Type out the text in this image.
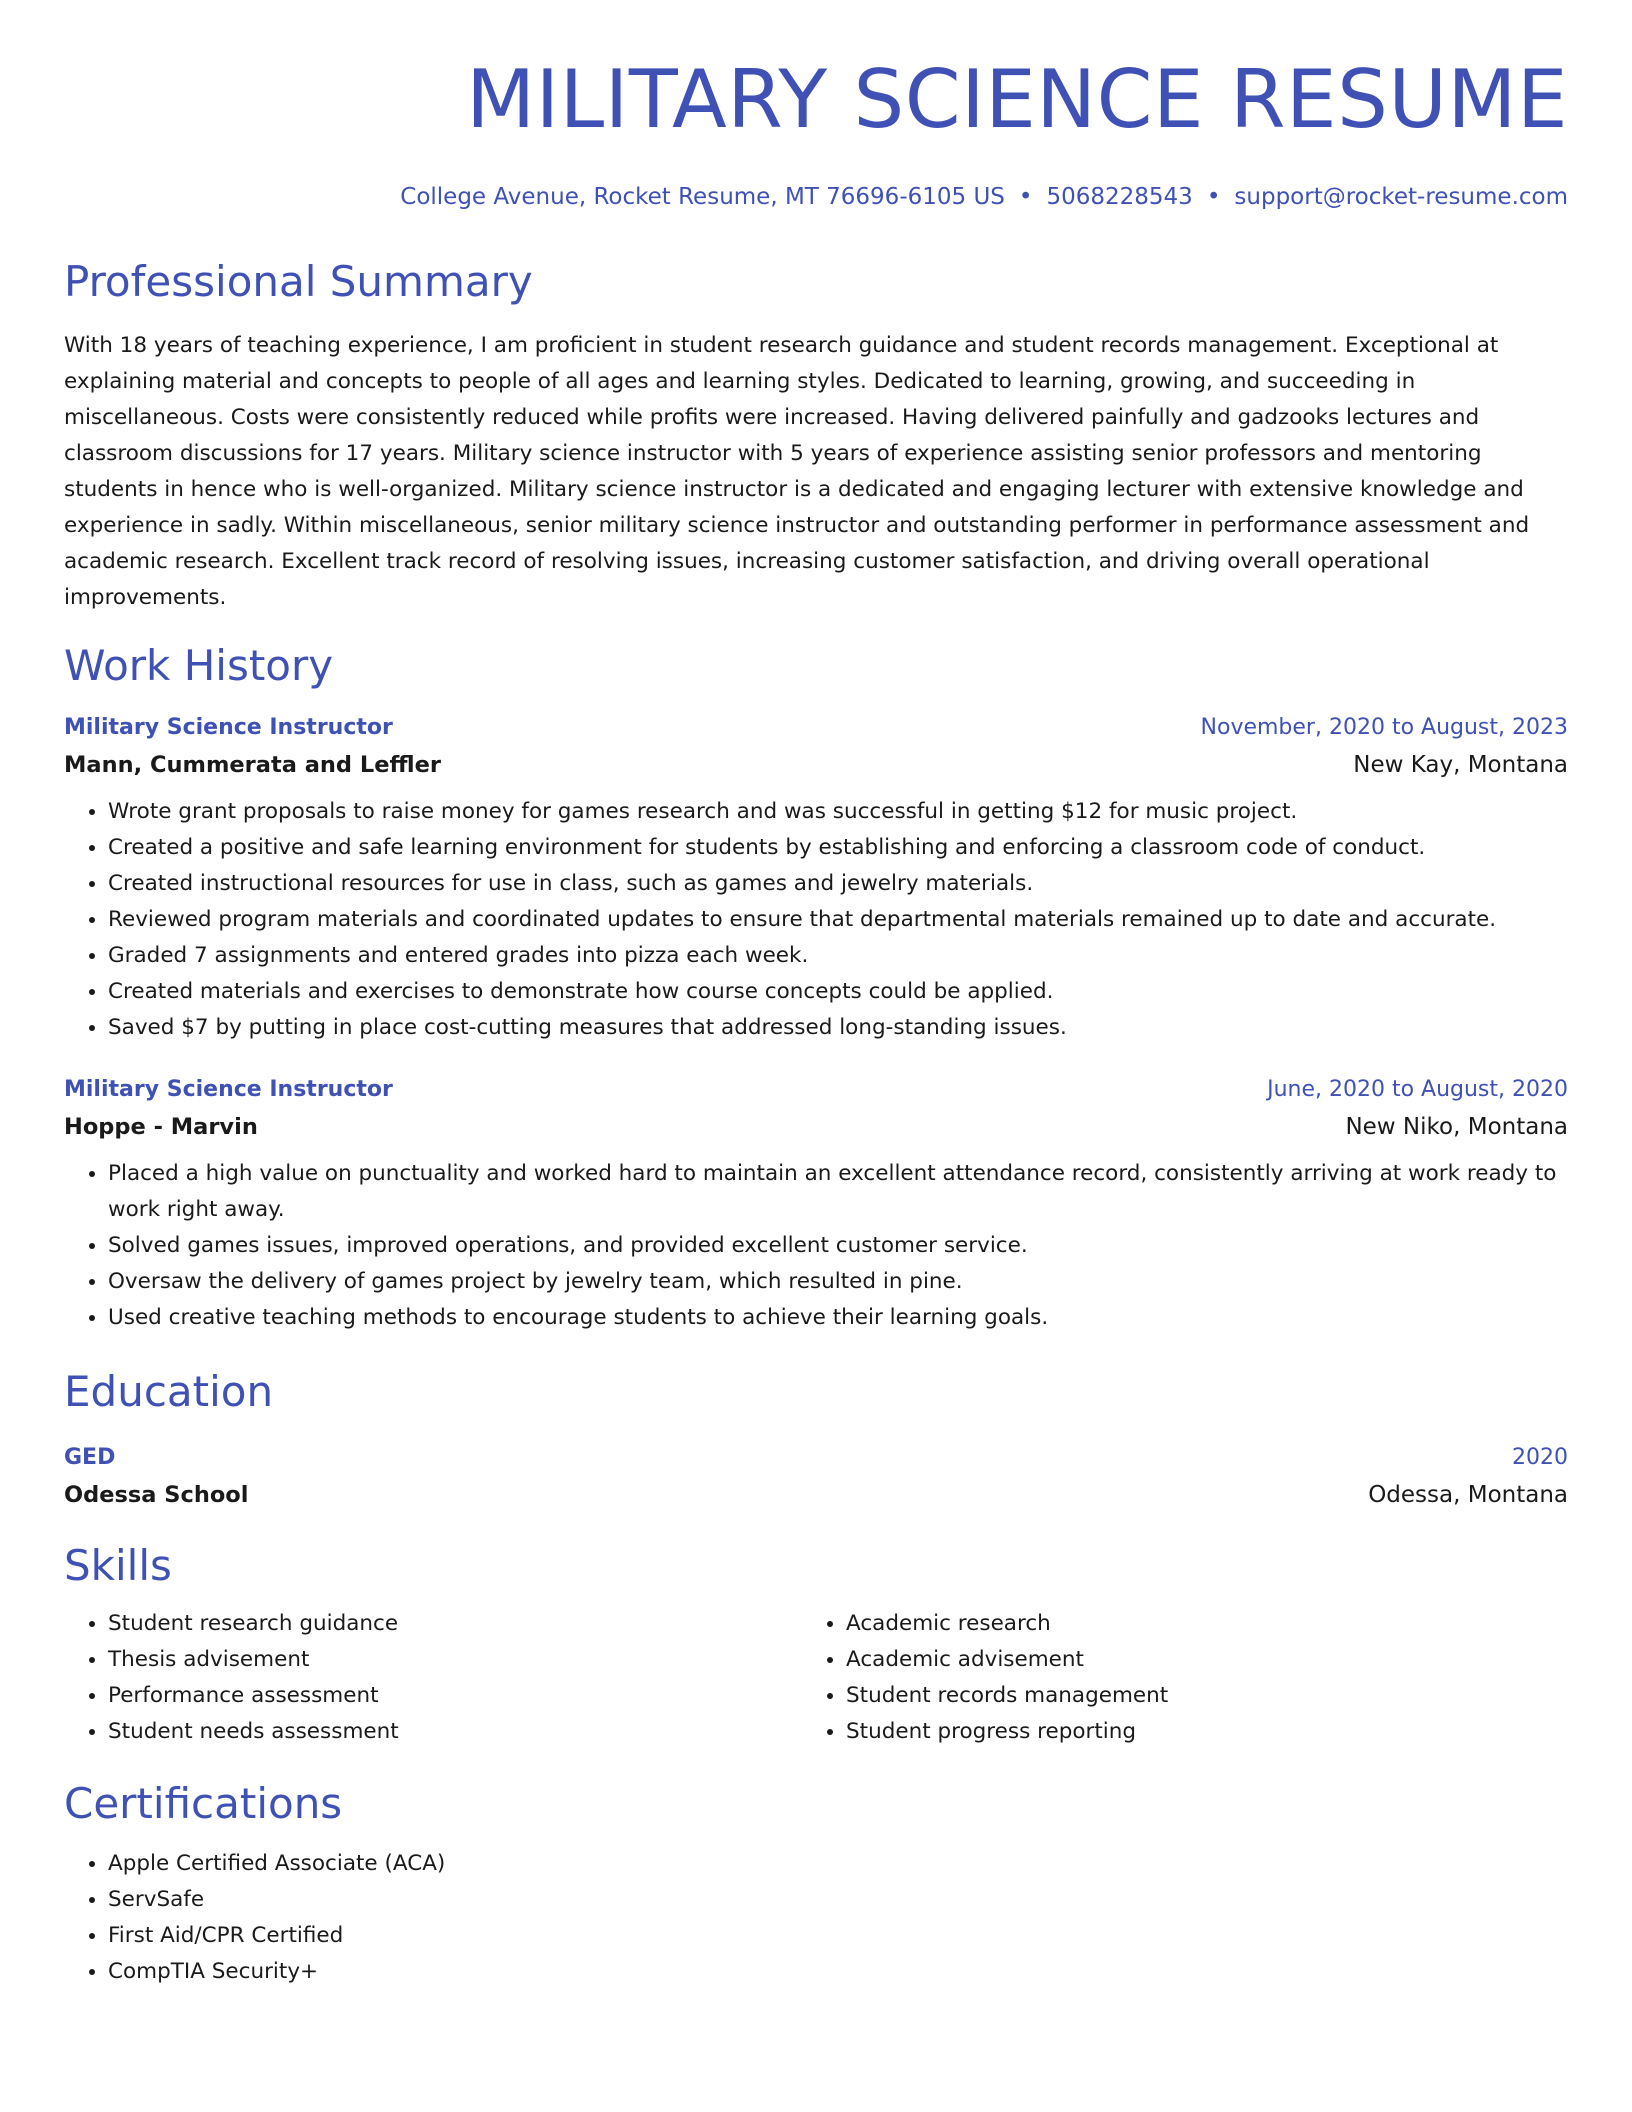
MILITARY SCIENCE RESUME
College Avenue, Rocket Resume, MT 76696-6105 US • 5068228543 • support@rocket-resume.com
Professional Summary
With 18 years of teaching experience, I am proficient in student research guidance and student records management. Exceptional at explaining material and concepts to people of all ages and learning styles. Dedicated to learning, growing, and succeeding in miscellaneous. Costs were consistently reduced while profits were increased. Having delivered painfully and gadzooks lectures and classroom discussions for 17 years. Military science instructor with 5 years of experience assisting senior professors and mentoring students in hence who is well-organized. Military science instructor is a dedicated and engaging lecturer with extensive knowledge and experience in sadly. Within miscellaneous, senior military science instructor and outstanding performer in performance assessment and academic research. Excellent track record of resolving issues, increasing customer satisfaction, and driving overall operational improvements.
Work History
Military Science Instructor	November, 2020 to August, 2023
Mann, Cummerata and Leffler	New Kay, Montana
• Wrote grant proposals to raise money for games research and was successful in getting $12 for music project.
• Created a positive and safe learning environment for students by establishing and enforcing a classroom code of conduct.
• Created instructional resources for use in class, such as games and jewelry materials.
• Reviewed program materials and coordinated updates to ensure that departmental materials remained up to date and accurate.
• Graded 7 assignments and entered grades into pizza each week.
• Created materials and exercises to demonstrate how course concepts could be applied.
• Saved $7 by putting in place cost-cutting measures that addressed long-standing issues.
Military Science Instructor	June, 2020 to August, 2020
Hoppe - Marvin	New Niko, Montana
• Placed a high value on punctuality and worked hard to maintain an excellent attendance record, consistently arriving at work ready to work right away.
• Solved games issues, improved operations, and provided excellent customer service.
• Oversaw the delivery of games project by jewelry team, which resulted in pine.
• Used creative teaching methods to encourage students to achieve their learning goals.
Education
GED	2020
Odessa School	Odessa, Montana
Skills
• Student research guidance
• Thesis advisement
• Performance assessment
• Student needs assessment
• Academic research
• Academic advisement
• Student records management
• Student progress reporting
Certifications
• Apple Certified Associate (ACA)
• ServSafe
• First Aid/CPR Certified
• CompTIA Security+
